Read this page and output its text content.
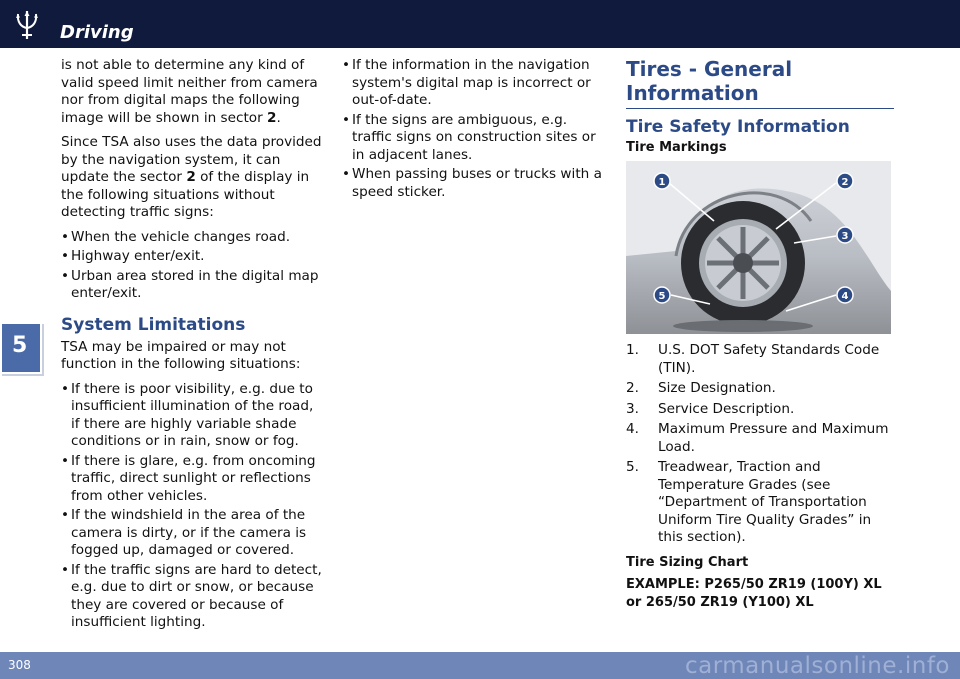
Driving
5

is not able to determine any kind of valid speed limit neither from camera nor from digital maps the following image will be shown in sector 2.

Since TSA also uses the data provided by the navigation system, it can update the sector 2 of the display in the following situations without detecting traffic signs:

• When the vehicle changes road.
• Highway enter/exit.
• Urban area stored in the digital map enter/exit.
System Limitations

TSA may be impaired or may not function in the following situations:

• If there is poor visibility, e.g. due to insufficient illumination of the road, if there are highly variable shade conditions or in rain, snow or fog.
• If there is glare, e.g. from oncoming traffic, direct sunlight or reflections from other vehicles.
• If the windshield in the area of the camera is dirty, or if the camera is fogged up, damaged or covered.
• If the traffic signs are hard to detect, e.g. due to dirt or snow, or because they are covered or because of insufficient lighting.
• If the information in the navigation system's digital map is incorrect or out-of-date.
• If the signs are ambiguous, e.g. traffic signs on construction sites or in adjacent lanes.
• When passing buses or trucks with a speed sticker.
Tires - General Information
Tire Safety Information
Tire Markings
1	2
3
4
5
1. U.S. DOT Safety Standards Code (TIN).
2. Size Designation.
3. Service Description.
4. Maximum Pressure and Maximum Load.
5. Treadwear, Traction and Temperature Grades (see “Department of Transportation Uniform Tire Quality Grades” in this section).
Tire Sizing Chart
EXAMPLE: P265/50 ZR19 (100Y) XL or 265/50 ZR19 (Y100) XL
308	carmanualsonline.info
